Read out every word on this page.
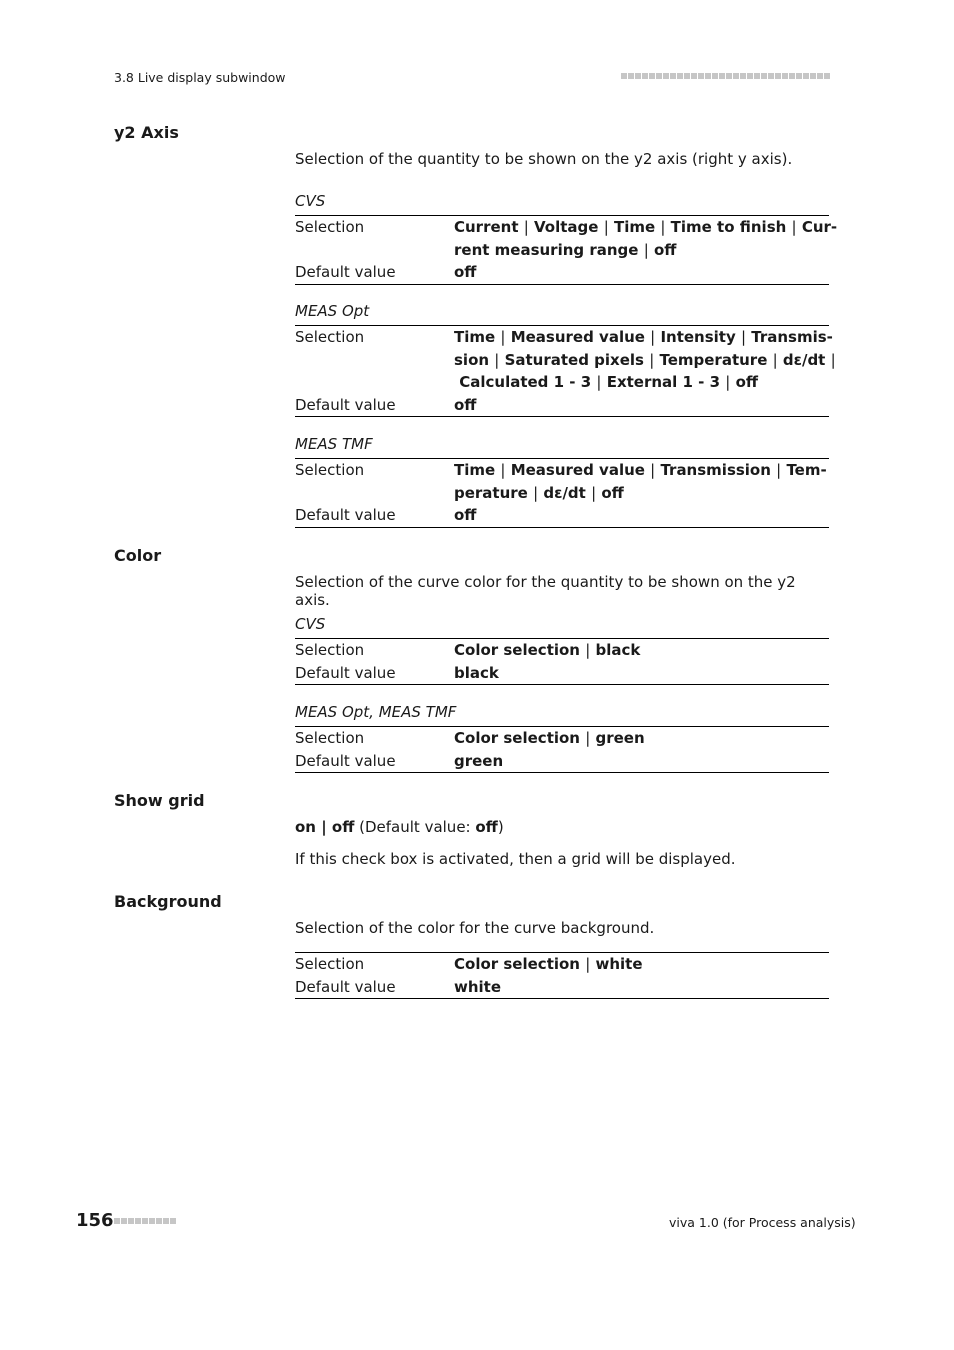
3.8 Live display subwindow
y2 Axis
Selection of the quantity to be shown on the y2 axis (right y axis).
CVS
Selection	Current | Voltage | Time | Time to finish | Cur-
rent measuring range | off
Default value	off
MEAS Opt
Selection	Time | Measured value | Intensity | Transmis-
sion | Saturated pixels | Temperature | dε/dt |
Calculated 1 - 3 | External 1 - 3 | off
Default value	off
MEAS TMF
Selection	Time | Measured value | Transmission | Tem-
perature | dε/dt | off
Default value	off
Color
Selection of the curve color for the quantity to be shown on the y2 axis.
CVS
Selection	Color selection | black
Default value	black
MEAS Opt, MEAS TMF
Selection	Color selection | green
Default value	green
Show grid
on | off (Default value: off)
If this check box is activated, then a grid will be displayed.
Background
Selection of the color for the curve background.
Selection	Color selection | white
Default value	white
156	viva 1.0 (for Process analysis)
